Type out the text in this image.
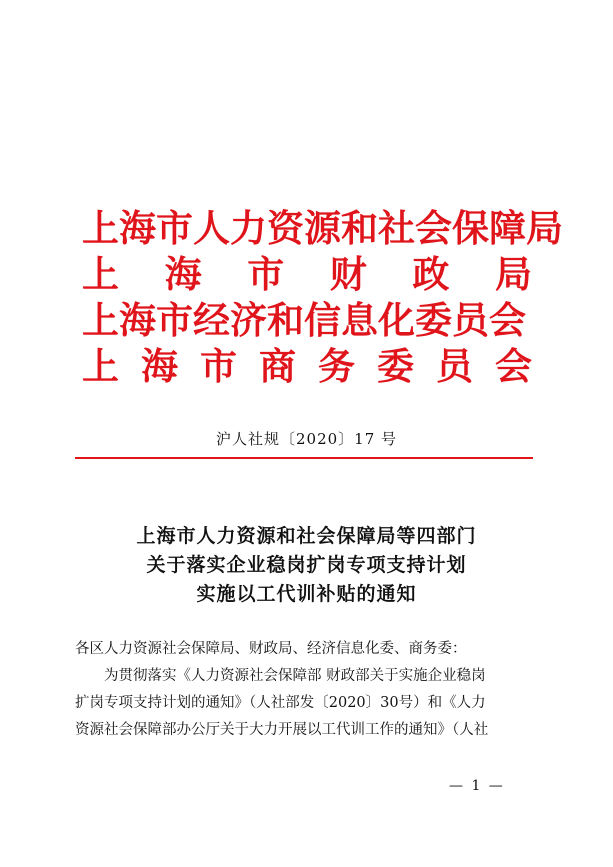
上海市人力资源和社会保障局
上 海 市 财 政 局
上海市经济和信息化委员会
上 海 市 商 务 委 员 会
沪人社规〔2020〕17 号
上海市人力资源和社会保障局等四部门
关于落实企业稳岗扩岗专项支持计划
实施以工代训补贴的通知

各区人力资源社会保障局、财政局、经济信息化委、商务委：

为贯彻落实《人力资源社会保障部 财政部关于实施企业稳岗

扩岗专项支持计划的通知》（人社部发〔2020〕30号）和《人力

资源社会保障部办公厅关于大力开展以工代训工作的通知》（人社

— 1 —
